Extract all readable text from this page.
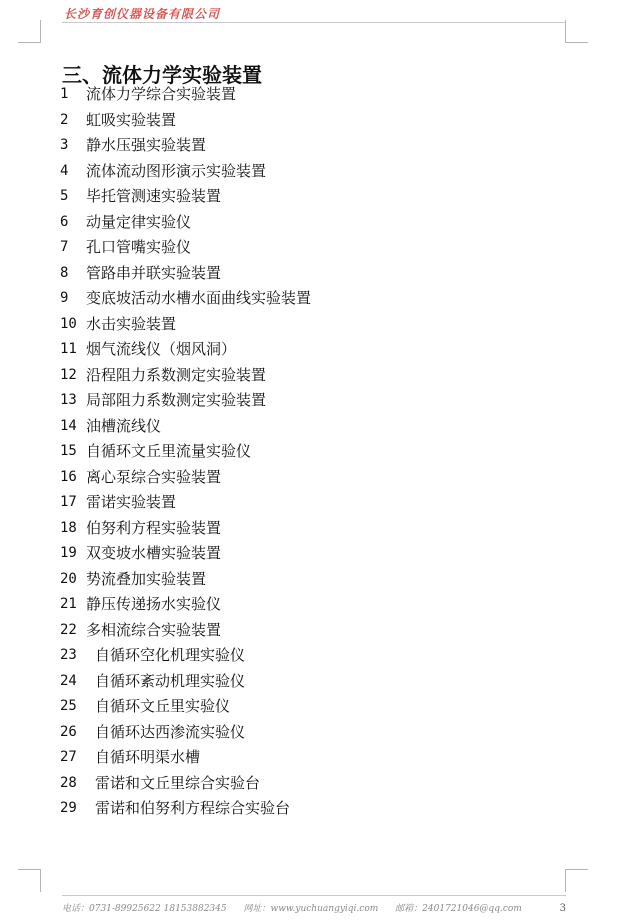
长沙育创仪器设备有限公司
三、流体力学实验装置
1	流体力学综合实验装置
2	虹吸实验装置
3	静水压强实验装置
4	流体流动图形演示实验装置
5	毕托管测速实验装置
6	动量定律实验仪
7	孔口管嘴实验仪
8	管路串并联实验装置
9	变底坡活动水槽水面曲线实验装置
10 水击实验装置
11 烟气流线仪（烟风洞）
12 沿程阻力系数测定实验装置
13 局部阻力系数测定实验装置
14 油槽流线仪
15 自循环文丘里流量实验仪
16 离心泵综合实验装置
17 雷诺实验装置
18 伯努利方程实验装置
19 双变坡水槽实验装置
20 势流叠加实验装置
21 静压传递扬水实验仪
22 多相流综合实验装置
23	自循环空化机理实验仪
24	自循环紊动机理实验仪
25	自循环文丘里实验仪
26	自循环达西渗流实验仪
27	自循环明渠水槽
28	雷诺和文丘里综合实验台
29	雷诺和伯努利方程综合实验台
电话：0731-89925622 18153882345 网址：www.yuchuangyiqi.com 邮箱：2401721046@qq.com	3
